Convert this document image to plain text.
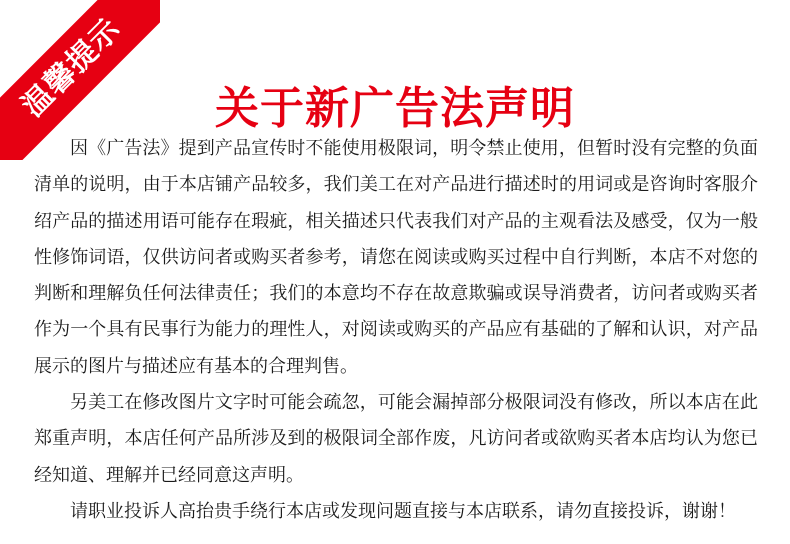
温馨提示	关于新广告法声明

因《广告法》提到产品宣传时不能使用极限词，明令禁止使用，但暂时没有完整的负面清单的说明，由于本店铺产品较多，我们美工在对产品进行描述时的用词或是咨询时客服介绍产品的描述用语可能存在瑕疵，相关描述只代表我们对产品的主观看法及感受，仅为一般性修饰词语，仅供访问者或购买者参考，请您在阅读或购买过程中自行判断，本店不对您的判断和理解负任何法律责任；我们的本意均不存在故意欺骗或误导消费者，访问者或购买者作为一个具有民事行为能力的理性人，对阅读或购买的产品应有基础的了解和认识，对产品展示的图片与描述应有基本的合理判售。

另美工在修改图片文字时可能会疏忽，可能会漏掉部分极限词没有修改，所以本店在此郑重声明，本店任何产品所涉及到的极限词全部作废，凡访问者或欲购买者本店均认为您已经知道、理解并已经同意这声明。

请职业投诉人高抬贵手绕行本店或发现问题直接与本店联系，请勿直接投诉，谢谢！
